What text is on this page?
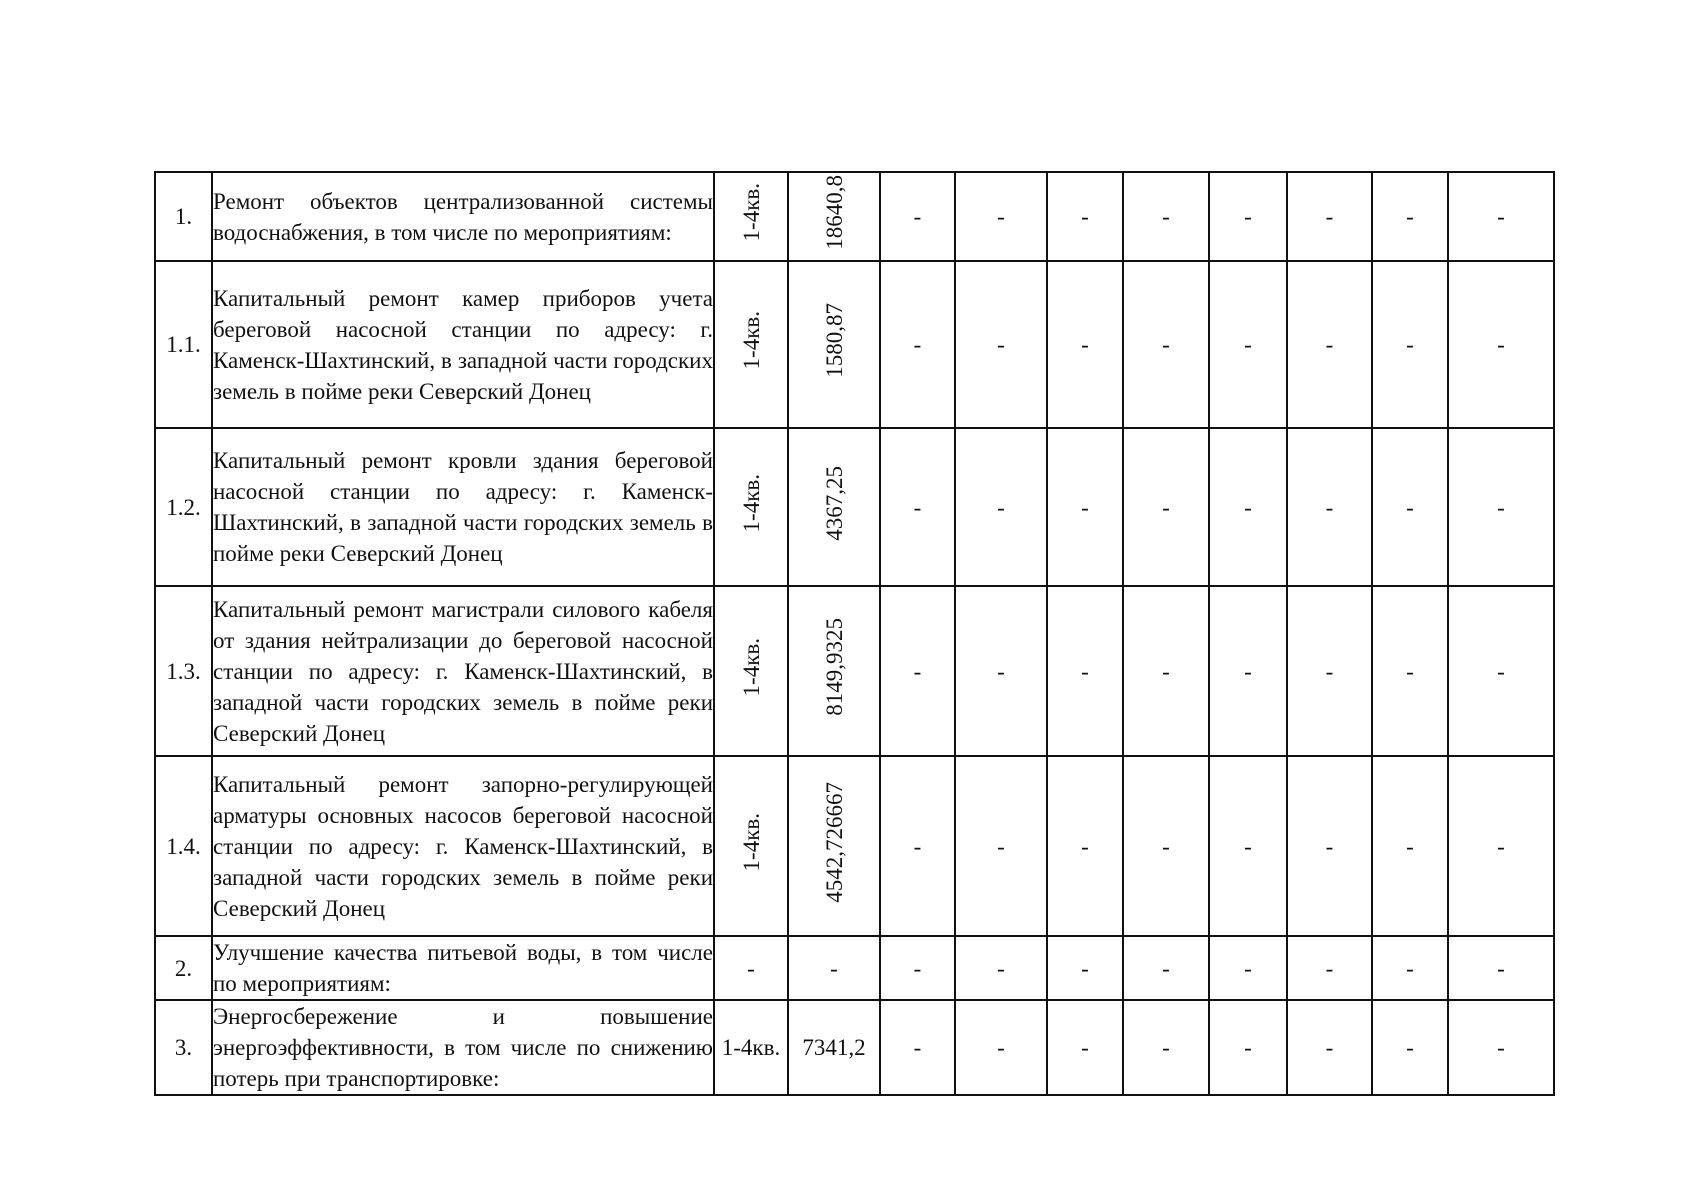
1.	Ремонт объектов централизованной системы водоснабжения, в том числе по мероприятиям:	1-4кв.	18640,8	-	-	-	-	-	-	-	-
1.1.	Капитальный ремонт камер приборов учета береговой насосной станции по адресу: г. Каменск-Шахтинский, в западной части городских земель в пойме реки Северский Донец	1-4кв.	1580,87	-	-	-	-	-	-	-	-
1.2.	Капитальный ремонт кровли здания береговой насосной станции по адресу: г. Каменск-Шахтинский, в западной части городских земель в пойме реки Северский Донец	1-4кв.	4367,25	-	-	-	-	-	-	-	-
1.3.	Капитальный ремонт магистрали силового кабеля от здания нейтрализации до береговой насосной станции по адресу: г. Каменск-Шахтинский, в западной части городских земель в пойме реки Северский Донец	1-4кв.	8149,9325	-	-	-	-	-	-	-	-
1.4.	Капитальный ремонт запорно-регулирующей арматуры основных насосов береговой насосной станции по адресу: г. Каменск-Шахтинский, в западной части городских земель в пойме реки Северский Донец	1-4кв.	4542,726667	-	-	-	-	-	-	-	-
2.	Улучшение качества питьевой воды, в том числе по мероприятиям:	-	-	-	-	-	-	-	-	-	-
3.	Энергосбережение и повышение энергоэффективности, в том числе по снижению потерь при транспортировке:	1-4кв.	7341,2	-	-	-	-	-	-	-	-
